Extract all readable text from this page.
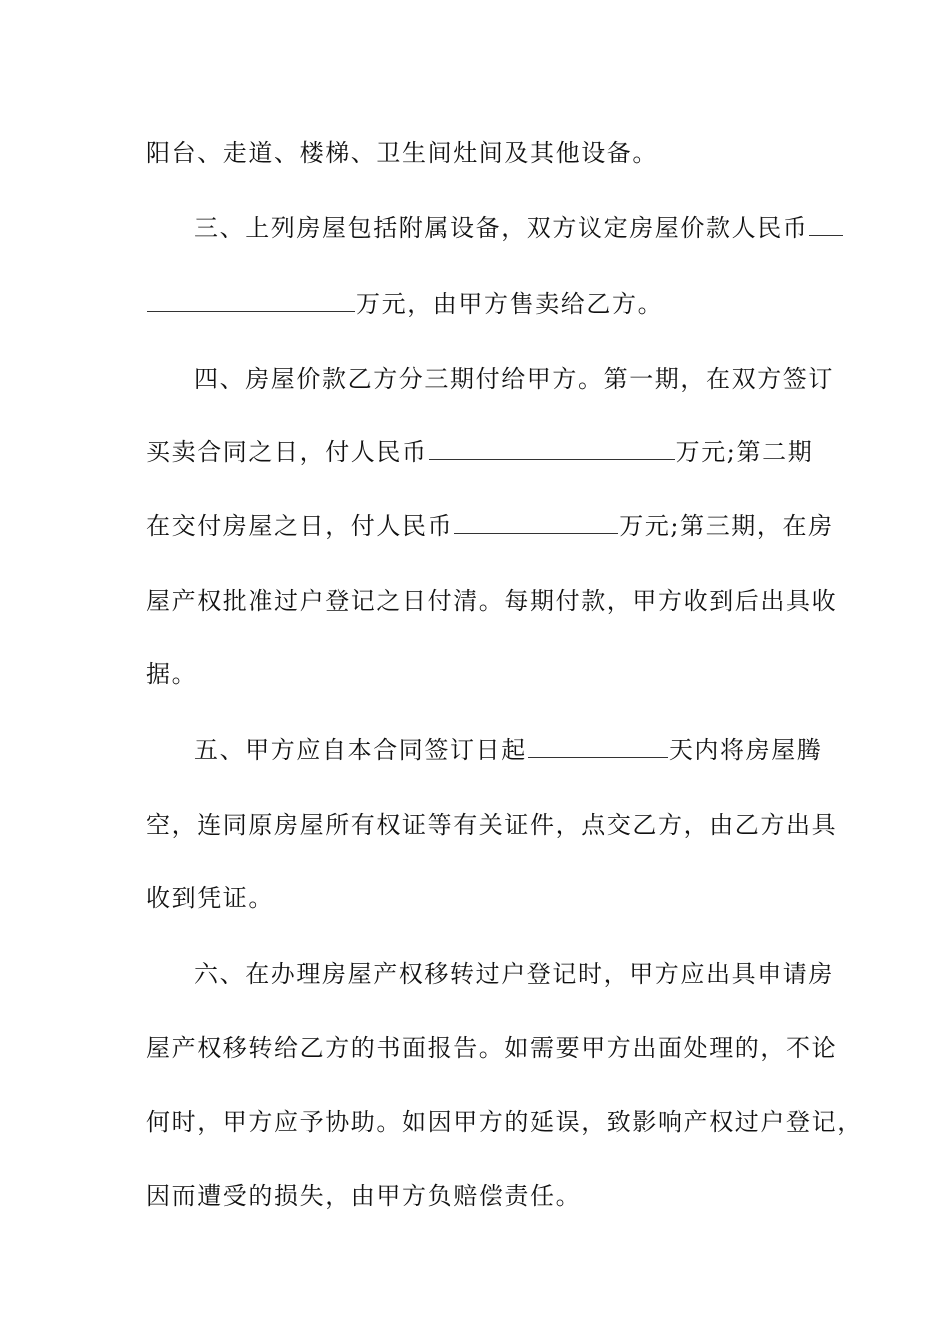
阳台、走道、楼梯、卫生间灶间及其他设备。
三、上列房屋包括附属设备，双方议定房屋价款人民币
万元，由甲方售卖给乙方。
四、房屋价款乙方分三期付给甲方。第一期，在双方签订
买卖合同之日，付人民币	万元;第二期
在交付房屋之日，付人民币	万元;第三期，在房
屋产权批准过户登记之日付清。每期付款，甲方收到后出具收
据。
五、甲方应自本合同签订日起	天内将房屋腾
空，连同原房屋所有权证等有关证件，点交乙方，由乙方出具
收到凭证。
六、在办理房屋产权移转过户登记时，甲方应出具申请房
屋产权移转给乙方的书面报告。如需要甲方出面处理的，不论
何时，甲方应予协助。如因甲方的延误，致影响产权过户登记，
因而遭受的损失，由甲方负赔偿责任。
